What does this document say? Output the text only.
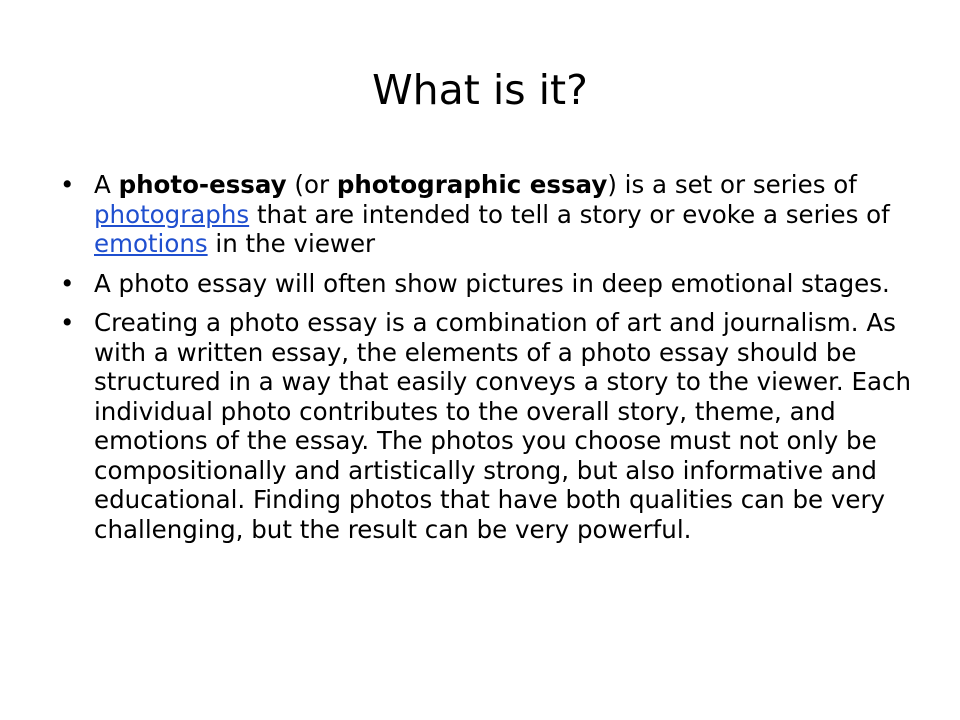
What is it?
• A photo-essay (or photographic essay) is a set or series of photographs that are intended to tell a story or evoke a series of emotions in the viewer
• A photo essay will often show pictures in deep emotional stages.
• Creating a photo essay is a combination of art and journalism. As with a written essay, the elements of a photo essay should be structured in a way that easily conveys a story to the viewer. Each individual photo contributes to the overall story, theme, and emotions of the essay. The photos you choose must not only be compositionally and artistically strong, but also informative and educational. Finding photos that have both qualities can be very challenging, but the result can be very powerful.
